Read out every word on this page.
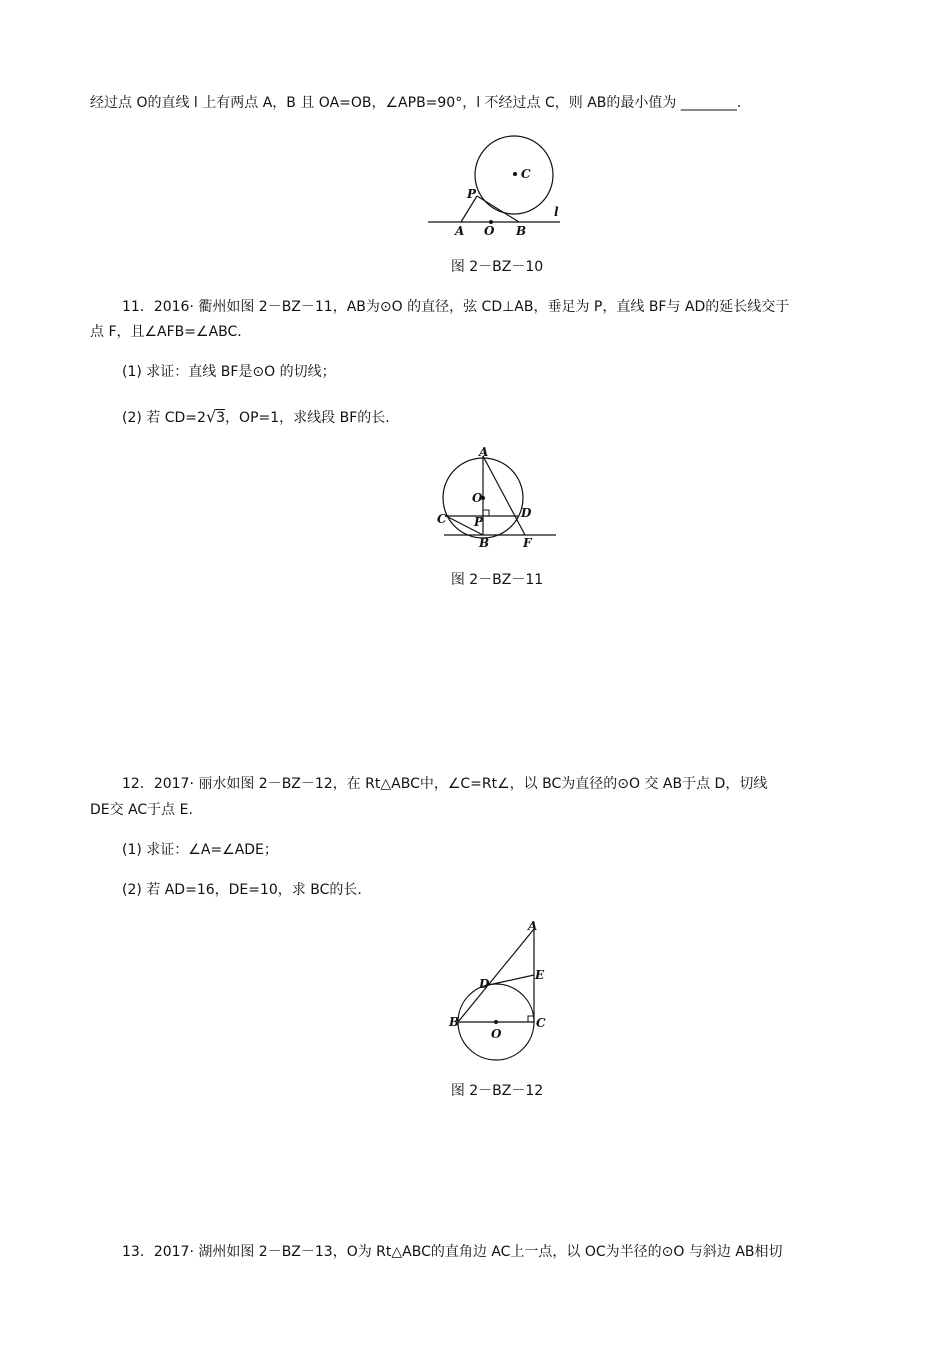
经过点 O的直线 l 上有两点 A，B 且 OA=OB，∠APB=90°，l 不经过点 C，则 AB的最小值为 ________.
P
C
A O B
l
图 2－BZ－10
11．2016· 衢州如图 2－BZ－11，AB为⊙O 的直径，弦 CD⊥AB，垂足为 P，直线 BF与 AD的延长线交于
点 F，且∠AFB=∠ABC.
(1) 求证：直线 BF是⊙O 的切线；
(2) 若 CD=2√3，OP=1，求线段 BF的长.
A
O
C P
D
B	F
图 2－BZ－11
12．2017· 丽水如图 2－BZ－12，在 Rt△ABC中，∠C=Rt∠，以 BC为直径的⊙O 交 AB于点 D，切线
DE交 AC于点 E.
(1) 求证：∠A=∠ADE；
(2) 若 AD=16，DE=10，求 BC的长.
A
E
D
B	C
O
图 2－BZ－12
13．2017· 湖州如图 2－BZ－13，O为 Rt△ABC的直角边 AC上一点，以 OC为半径的⊙O 与斜边 AB相切
